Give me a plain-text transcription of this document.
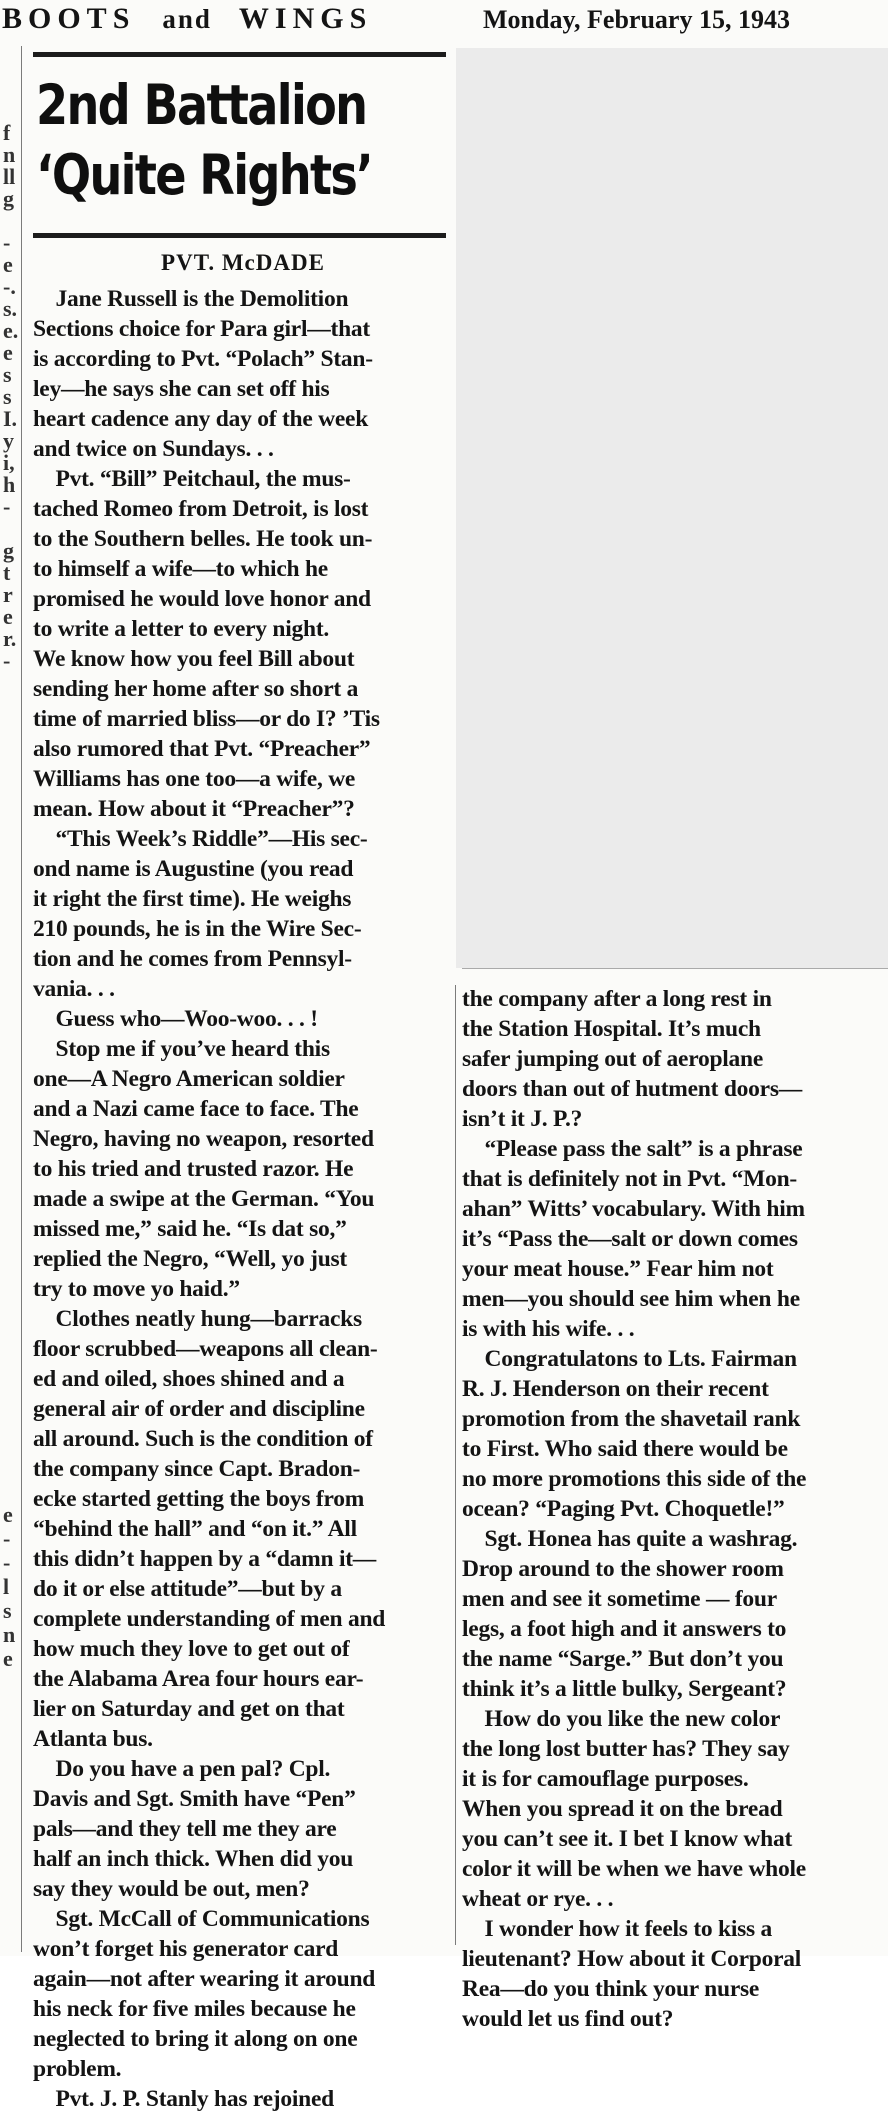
BOOTS and WINGS	Monday, February 15, 1943
f
n
ll
g
-
e
-.
s.
e.
e
s
s
I.
y
i,
h
-
g
t
r
e
r.
-
e
-
-
l
s
n
e
2nd Battalion
‘Quite Rights’
PVT. McDADE
Jane Russell is the Demolition
Sections choice for Para girl—that
is according to Pvt. “Polach” Stan-
ley—he says she can set off his
heart cadence any day of the week
and twice on Sundays. . .
Pvt. “Bill” Peitchaul, the mus-
tached Romeo from Detroit, is lost
to the Southern belles. He took un-
to himself a wife—to which he
promised he would love honor and
to write a letter to every night.
We know how you feel Bill about
sending her home after so short a
time of married bliss—or do I? ’Tis
also rumored that Pvt. “Preacher”
Williams has one too—a wife, we
mean. How about it “Preacher”?
“This Week’s Riddle”—His sec-
ond name is Augustine (you read
it right the first time). He weighs
210 pounds, he is in the Wire Sec-
tion and he comes from Pennsyl-
vania. . .
Guess who—Woo-woo. . . !
Stop me if you’ve heard this
one—A Negro American soldier
and a Nazi came face to face. The
Negro, having no weapon, resorted
to his tried and trusted razor. He
made a swipe at the German. “You
missed me,” said he. “Is dat so,”
replied the Negro, “Well, yo just
try to move yo haid.”
Clothes neatly hung—barracks
floor scrubbed—weapons all clean-
ed and oiled, shoes shined and a
general air of order and discipline
all around. Such is the condition of
the company since Capt. Bradon-
ecke started getting the boys from
“behind the hall” and “on it.” All
this didn’t happen by a “damn it—
do it or else attitude”—but by a
complete understanding of men and
how much they love to get out of
the Alabama Area four hours ear-
lier on Saturday and get on that
Atlanta bus.
Do you have a pen pal? Cpl.
Davis and Sgt. Smith have “Pen”
pals—and they tell me they are
half an inch thick. When did you
say they would be out, men?
Sgt. McCall of Communications
won’t forget his generator card
again—not after wearing it around
his neck for five miles because he
neglected to bring it along on one
problem.
Pvt. J. P. Stanly has rejoined
the company after a long rest in
the Station Hospital. It’s much
safer jumping out of aeroplane
doors than out of hutment doors—
isn’t it J. P.?
“Please pass the salt” is a phrase
that is definitely not in Pvt. “Mon-
ahan” Witts’ vocabulary. With him
it’s “Pass the—salt or down comes
your meat house.” Fear him not
men—you should see him when he
is with his wife. . .
Congratulatons to Lts. Fairman
R. J. Henderson on their recent
promotion from the shavetail rank
to First. Who said there would be
no more promotions this side of the
ocean? “Paging Pvt. Choquetle!”
Sgt. Honea has quite a washrag.
Drop around to the shower room
men and see it sometime — four
legs, a foot high and it answers to
the name “Sarge.” But don’t you
think it’s a little bulky, Sergeant?
How do you like the new color
the long lost butter has? They say
it is for camouflage purposes.
When you spread it on the bread
you can’t see it. I bet I know what
color it will be when we have whole
wheat or rye. . .
I wonder how it feels to kiss a
lieutenant? How about it Corporal
Rea—do you think your nurse
would let us find out?
